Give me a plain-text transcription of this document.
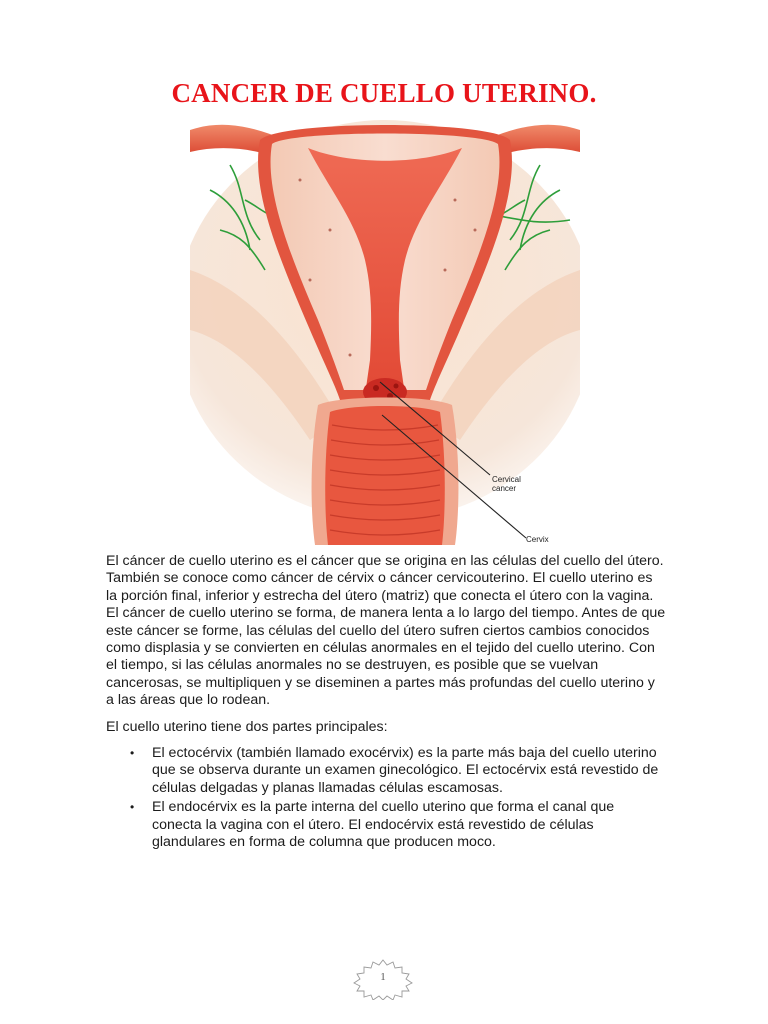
CANCER DE CUELLO UTERINO.
Cervical
cancer
Cervix

El cáncer de cuello uterino es el cáncer que se origina en las células del cuello del útero. También se conoce como cáncer de cérvix o cáncer cervicouterino. El cuello uterino es la porción final, inferior y estrecha del útero (matriz) que conecta el útero con la vagina. El cáncer de cuello uterino se forma, de manera lenta a lo largo del tiempo. Antes de que este cáncer se forme, las células del cuello del útero sufren ciertos cambios conocidos como displasia y se convierten en células anormales en el tejido del cuello uterino. Con el tiempo, si las células anormales no se destruyen, es posible que se vuelvan cancerosas, se multipliquen y se diseminen a partes más profundas del cuello uterino y a las áreas que lo rodean.

El cuello uterino tiene dos partes principales:

• El ectocérvix (también llamado exocérvix) es la parte más baja del cuello uterino que se observa durante un examen ginecológico. El ectocérvix está revestido de células delgadas y planas llamadas células escamosas.
• El endocérvix es la parte interna del cuello uterino que forma el canal que conecta la vagina con el útero. El endocérvix está revestido de células glandulares en forma de columna que producen moco.
1
